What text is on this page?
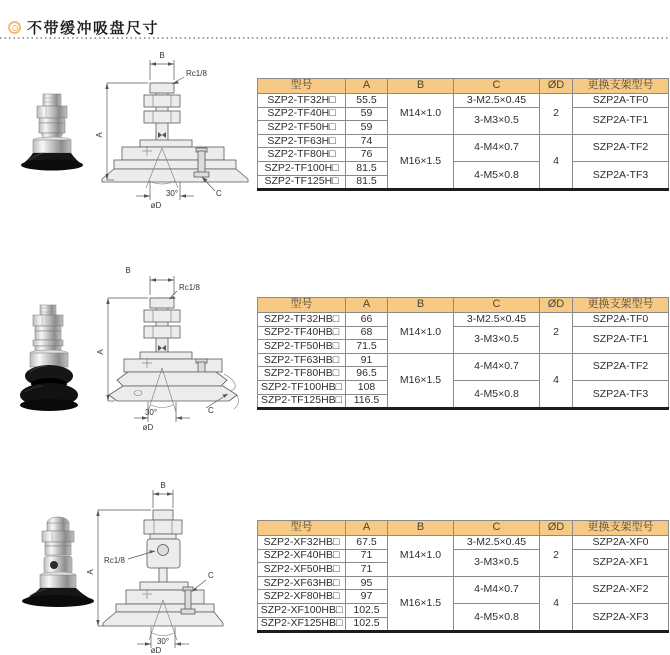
不带缓冲吸盘尺寸
30°
B
Rc1/8
A
øD
C
30°
B
Rc1/8
A
øD
C
30°
B
Rc1/8
A
øD
C
型号	A	B	C	ØD	更换支架型号
SZP2-TF32H□	55.5	M14×1.0	3-M2.5×0.45	2	SZP2A-TF0
SZP2-TF40H□	59		3-M3×0.5		SZP2A-TF1
SZP2-TF50H□	59				
SZP2-TF63H□	74	M16×1.5	4-M4×0.7	4	SZP2A-TF2
SZP2-TF80H□	76				
SZP2-TF100H□	81.5		4-M5×0.8		SZP2A-TF3
SZP2-TF125H□	81.5				
型号	A	B	C	ØD	更换支架型号
SZP2-TF32HB□	66	M14×1.0	3-M2.5×0.45	2	SZP2A-TF0
SZP2-TF40HB□	68		3-M3×0.5		SZP2A-TF1
SZP2-TF50HB□	71.5				
SZP2-TF63HB□	91	M16×1.5	4-M4×0.7	4	SZP2A-TF2
SZP2-TF80HB□	96.5				
SZP2-TF100HB□	108		4-M5×0.8		SZP2A-TF3
SZP2-TF125HB□	116.5				
型号	A	B	C	ØD	更换支架型号
SZP2-XF32HB□	67.5	M14×1.0	3-M2.5×0.45	2	SZP2A-XF0
SZP2-XF40HB□	71		3-M3×0.5		SZP2A-XF1
SZP2-XF50HB□	71				
SZP2-XF63HB□	95	M16×1.5	4-M4×0.7	4	SZP2A-XF2
SZP2-XF80HB□	97				
SZP2-XF100HB□	102.5		4-M5×0.8		SZP2A-XF3
SZP2-XF125HB□	102.5				
